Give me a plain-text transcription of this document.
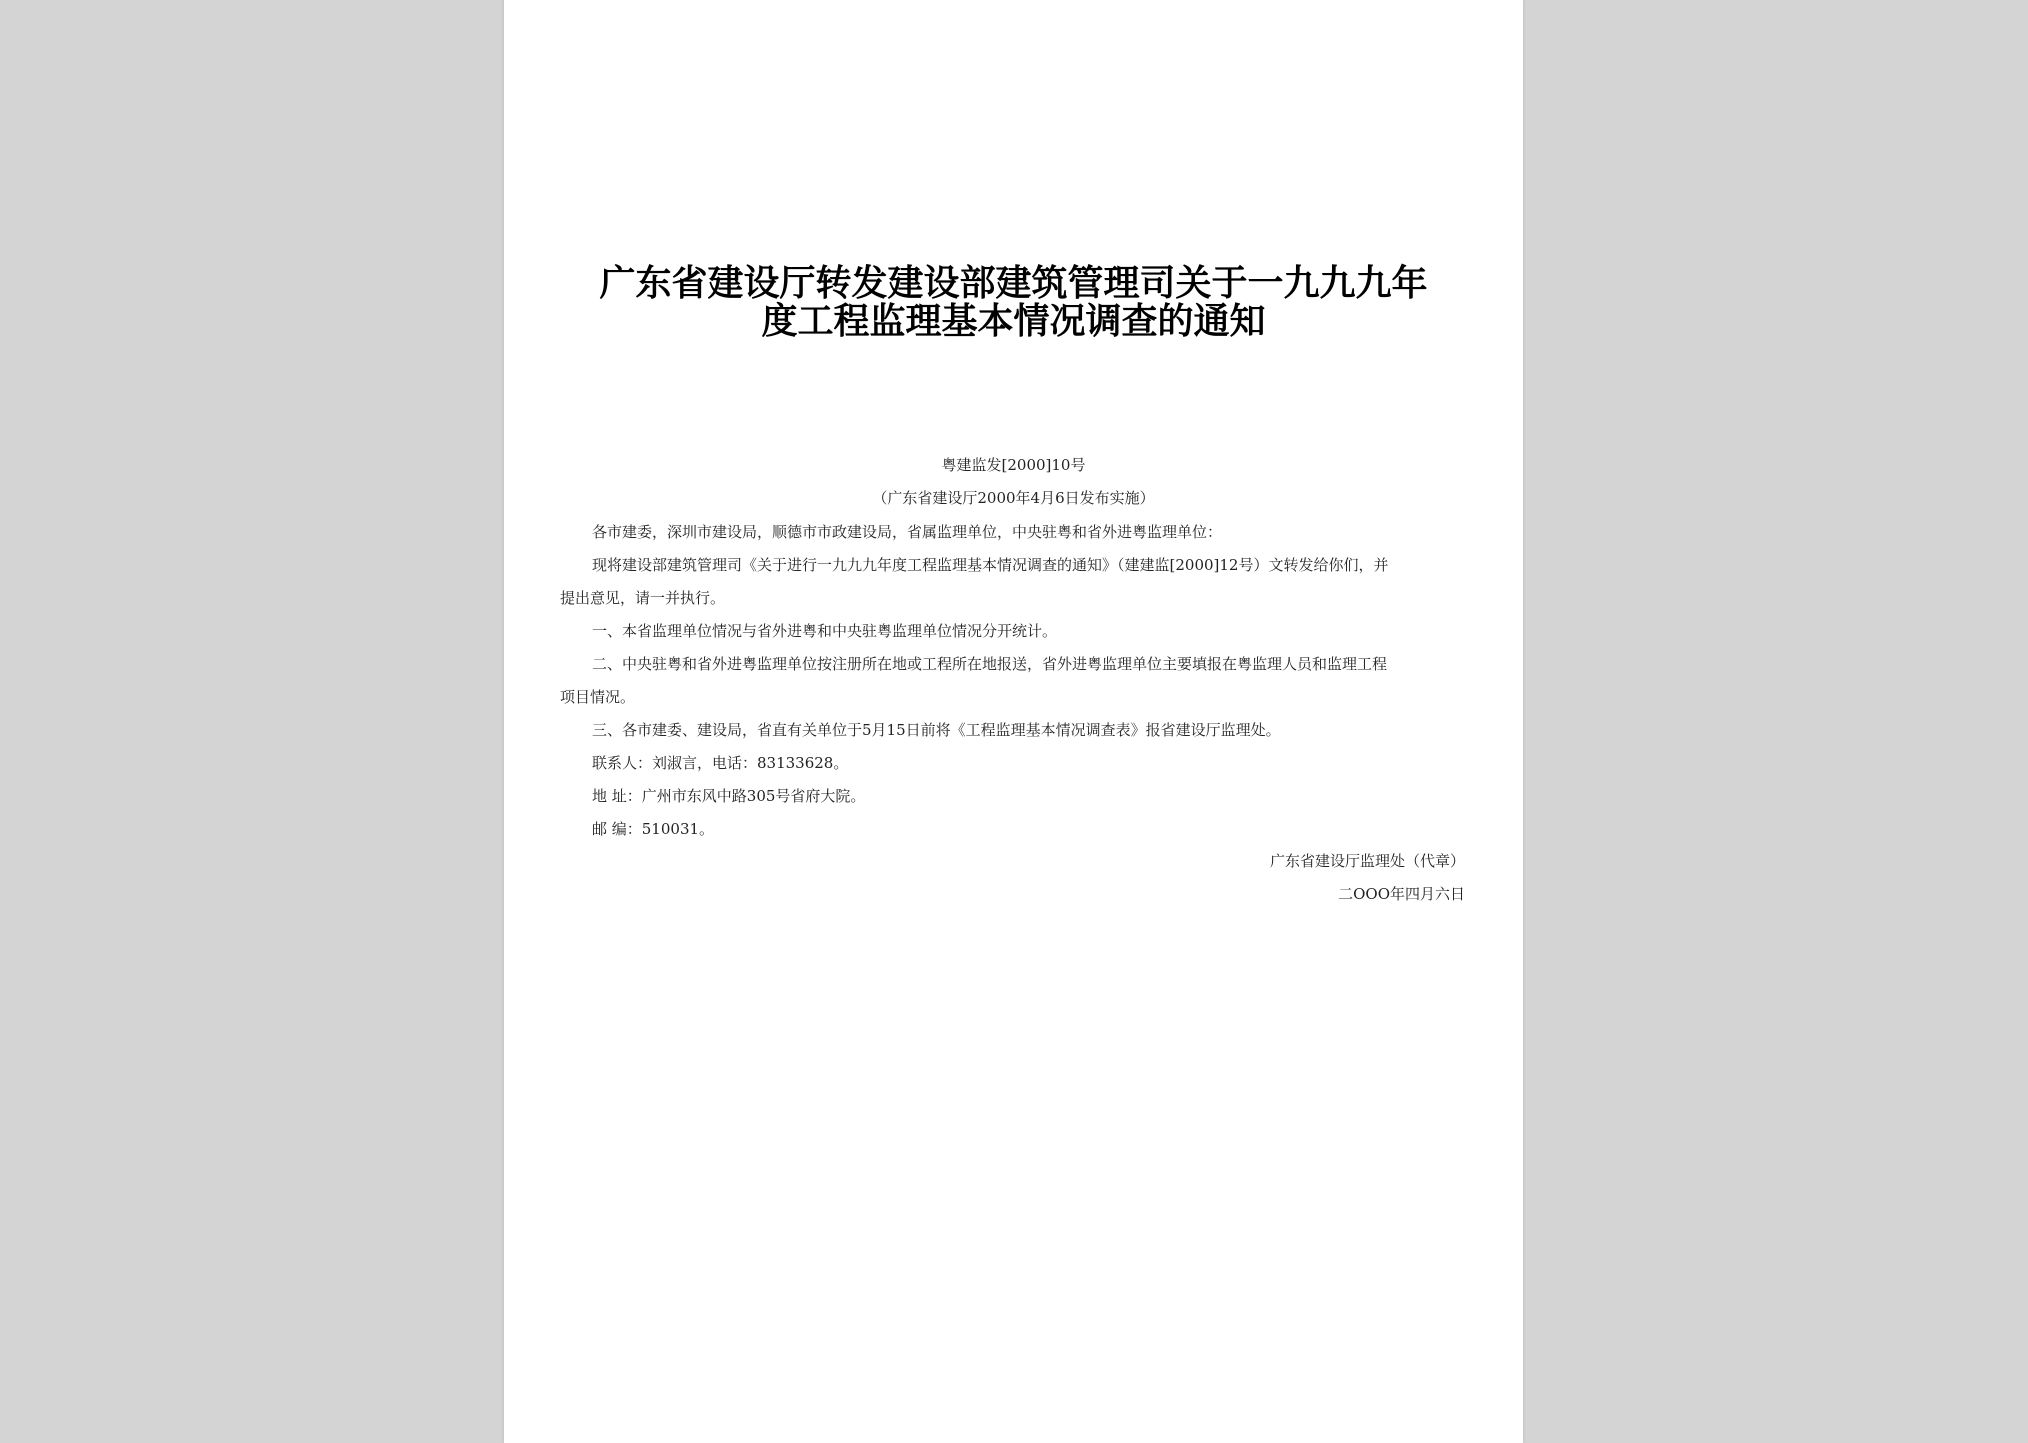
广东省建设厅转发建设部建筑管理司关于一九九九年
度工程监理基本情况调查的通知
粤建监发[2000]10号
（广东省建设厅2000年4月6日发布实施）
各市建委，深圳市建设局，顺德市市政建设局，省属监理单位，中央驻粤和省外进粤监理单位：
现将建设部建筑管理司《关于进行一九九九年度工程监理基本情况调查的通知》（建建监[2000]12号）文转发给你们，并
提出意见，请一并执行。
一、本省监理单位情况与省外进粤和中央驻粤监理单位情况分开统计。
二、中央驻粤和省外进粤监理单位按注册所在地或工程所在地报送，省外进粤监理单位主要填报在粤监理人员和监理工程
项目情况。
三、各市建委、建设局，省直有关单位于5月15日前将《工程监理基本情况调查表》报省建设厅监理处。
联系人：刘淑言，电话：83133628。
地 址：广州市东风中路305号省府大院。
邮 编：510031。
广东省建设厅监理处（代章）
二OOO年四月六日
